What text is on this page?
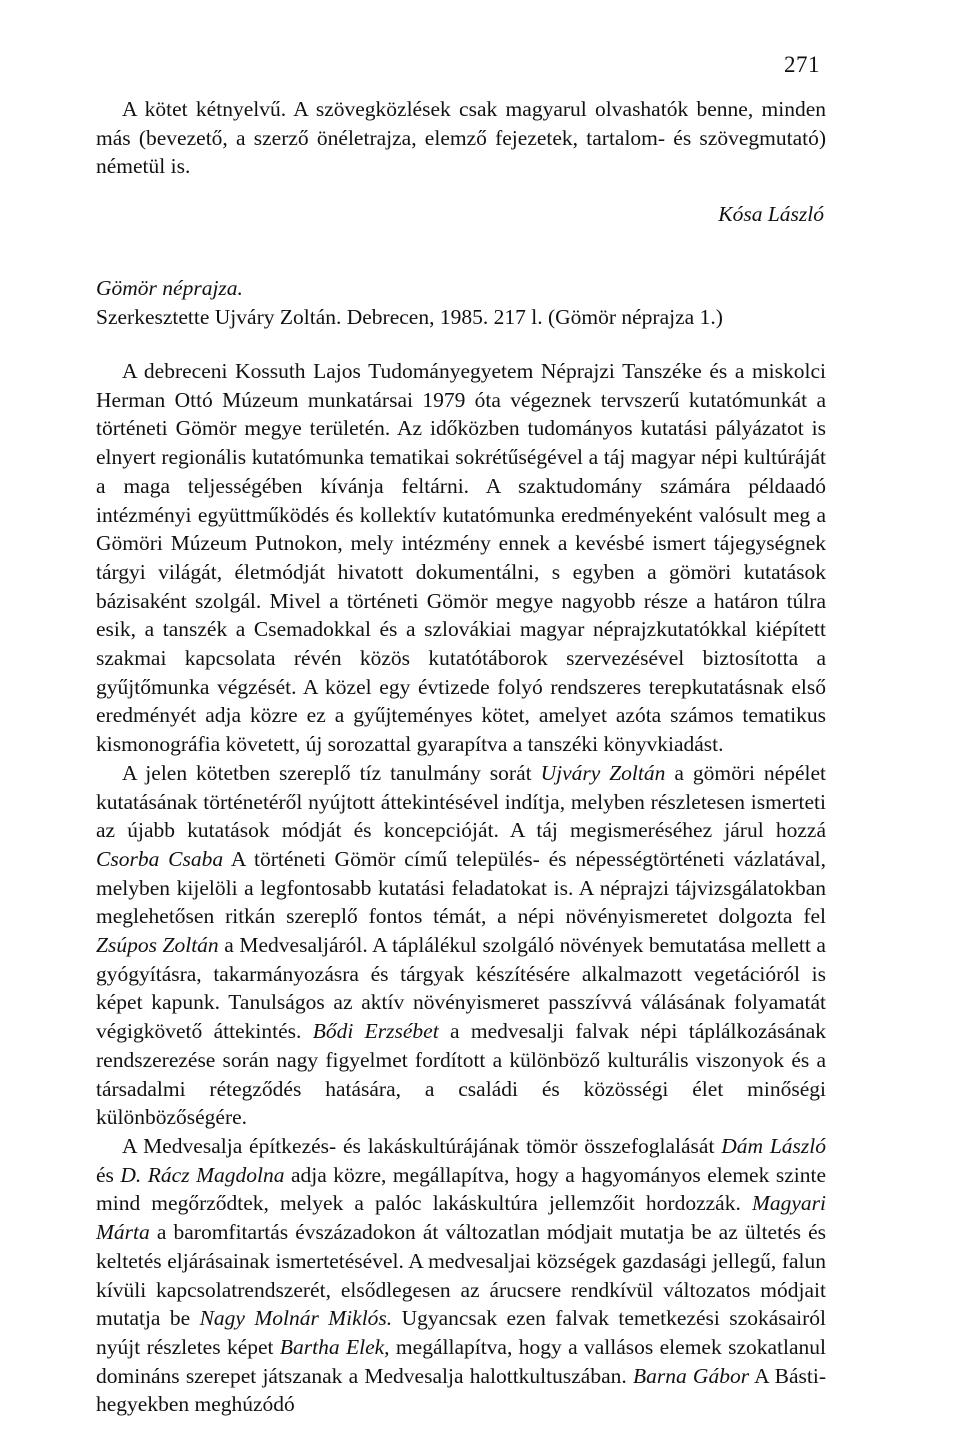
271

A kötet kétnyelvű. A szövegközlések csak magyarul olvashatók benne, minden más (bevezető, a szerző önéletrajza, elemző fejezetek, tartalom- és szövegmutató) németül is.

Kósa László
Gömör néprajza.
Szerkesztette Ujváry Zoltán. Debrecen, 1985. 217 l. (Gömör néprajza 1.)

A debreceni Kossuth Lajos Tudományegyetem Néprajzi Tanszéke és a miskolci Herman Ottó Múzeum munkatársai 1979 óta végeznek tervszerű kutatómunkát a történeti Gömör megye területén. Az időközben tudományos kutatási pályázatot is elnyert regionális kutatómunka tematikai sokrétűségével a táj magyar népi kultúráját a maga teljességében kívánja feltárni. A szaktudomány számára példaadó intézményi együttműködés és kollektív kutatómunka eredményeként valósult meg a Gömöri Múzeum Putnokon, mely intézmény ennek a kevésbé ismert tájegységnek tárgyi világát, életmódját hivatott dokumentálni, s egyben a gömöri kutatások bázisaként szolgál. Mivel a történeti Gömör megye nagyobb része a határon túlra esik, a tanszék a Csemadokkal és a szlovákiai magyar néprajzkutatókkal kiépített szakmai kapcsolata révén közös kutatótáborok szervezésével biztosította a gyűjtőmunka végzését. A közel egy évtizede folyó rendszeres terepkutatásnak első eredményét adja közre ez a gyűjteményes kötet, amelyet azóta számos tematikus kismonográfia követett, új sorozattal gyarapítva a tanszéki könyvkiadást.

A jelen kötetben szereplő tíz tanulmány sorát Ujváry Zoltán a gömöri népélet kutatásának történetéről nyújtott áttekintésével indítja, melyben részletesen ismerteti az újabb kutatások módját és koncepcióját. A táj megismeréséhez járul hozzá Csorba Csaba A történeti Gömör című település- és népességtörténeti vázlatával, melyben kijelöli a legfontosabb kutatási feladatokat is. A néprajzi tájvizsgálatokban meglehetősen ritkán szereplő fontos témát, a népi növényismeretet dolgozta fel Zsúpos Zoltán a Medvesaljáról. A táplálékul szolgáló növények bemutatása mellett a gyógyításra, takarmányozásra és tárgyak készítésére alkalmazott vegetációról is képet kapunk. Tanulságos az aktív növényismeret passzívvá válásának folyamatát végigkövető áttekintés. Bődi Erzsébet a medvesalji falvak népi táplálkozásának rendszerezése során nagy figyelmet fordított a különböző kulturális viszonyok és a társadalmi rétegződés hatására, a családi és közösségi élet minőségi különbözőségére.

A Medvesalja építkezés- és lakáskultúrájának tömör összefoglalását Dám László és D. Rácz Magdolna adja közre, megállapítva, hogy a hagyományos elemek szinte mind megőrződtek, melyek a palóc lakáskultúra jellemzőit hordozzák. Magyari Márta a baromfitartás évszázadokon át változatlan módjait mutatja be az ültetés és keltetés eljárásainak ismertetésével. A medvesaljai községek gazdasági jellegű, falun kívüli kapcsolatrendszerét, elsődlegesen az árucsere rendkívül változatos módjait mutatja be Nagy Molnár Miklós. Ugyancsak ezen falvak temetkezési szokásairól nyújt részletes képet Bartha Elek, megállapítva, hogy a vallásos elemek szokatlanul domináns szerepet játszanak a Medvesalja halottkultuszában. Barna Gábor A Básti-hegyekben meghúzódó
